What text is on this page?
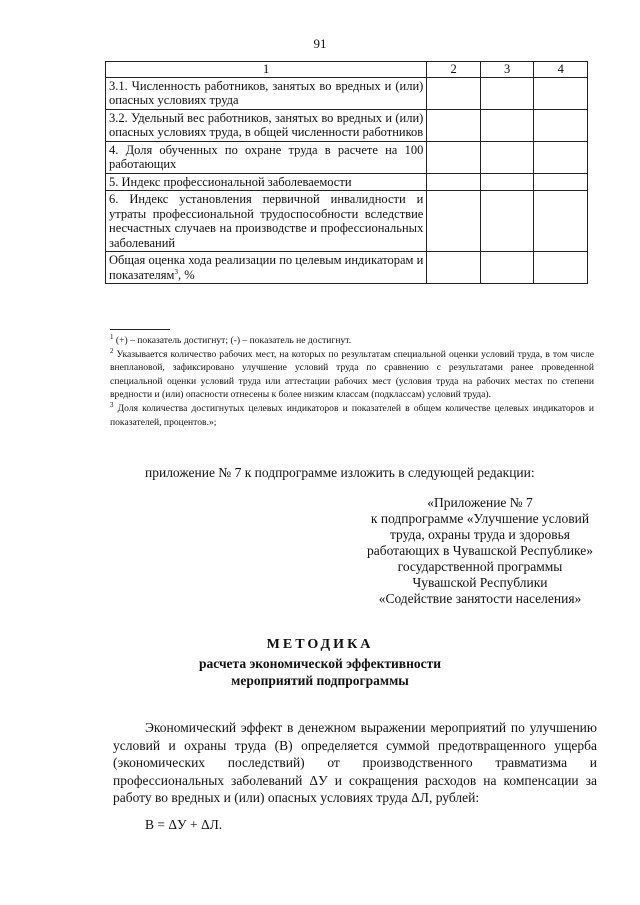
91
1	2	3	4
3.1. Численность работников, занятых во вредных и (или) опасных условиях труда			
3.2. Удельный вес работников, занятых во вредных и (или) опасных условиях труда, в общей численности работников			
4. Доля обученных по охране труда в расчете на 100 работающих			
5. Индекс профессиональной заболеваемости			
6. Индекс установления первичной инвалидности и утраты профессиональной трудоспособности вследствие несчастных случаев на производстве и профессиональных заболеваний			
Общая оценка хода реализации по целевым индикаторам и показателям$^3$, %			
$^1$ (+) – показатель достигнут; (-) – показатель не достигнут.
$^2$ Указывается количество рабочих мест, на которых по результатам специальной оценки условий труда, в том числе внеплановой, зафиксировано улучшение условий труда по сравнению с результатами ранее проведенной специальной оценки условий труда или аттестации рабочих мест (условия труда на рабочих местах по степени вредности и (или) опасности отнесены к более низким классам (подклассам) условий труда).
$^3$ Доля количества достигнутых целевых индикаторов и показателей в общем количестве целевых индикаторов и показателей, процентов.»;
приложение № 7 к подпрограмме изложить в следующей редакции:
«Приложение № 7
к подпрограмме «Улучшение условий
труда, охраны труда и здоровья
работающих в Чувашской Республике»
государственной программы
Чувашской Республики
«Содействие занятости населения»
МЕТОДИКА
расчета экономической эффективности
мероприятий подпрограммы
Экономический эффект в денежном выражении мероприятий по улучшению условий и охраны труда (В) определяется суммой предотвращенного ущерба (экономических последствий) от производственного травматизма и профессиональных заболеваний ΔУ и сокращения расходов на компенсации за работу во вредных и (или) опасных условиях труда ΔЛ, рублей:
В = ΔУ + ΔЛ.
